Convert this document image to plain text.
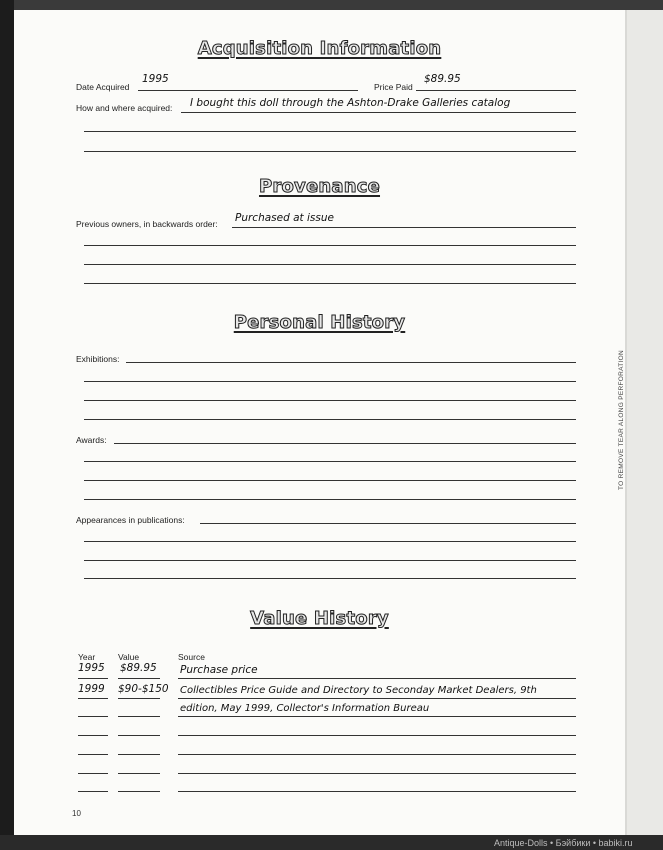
Acquisition Information
Date Acquired
1995
Price Paid
$89.95
How and where acquired: I bought this doll through the Ashton-Drake Galleries catalog
Provenance
Previous owners, in backwards order: Purchased at issue
Personal History
Exhibitions:
Awards:
Appearances in publications:
Value History
Year	Value	Source
1995 $89.95 Purchase price
1999 $90-$150 Collectibles Price Guide and Directory to Seconday Market Dealers, 9th
edition, May 1999, Collector's Information Bureau
10
TO REMOVE TEAR ALONG PERFORATION
Antique-Dolls • Бэйбики • babiki.ru
